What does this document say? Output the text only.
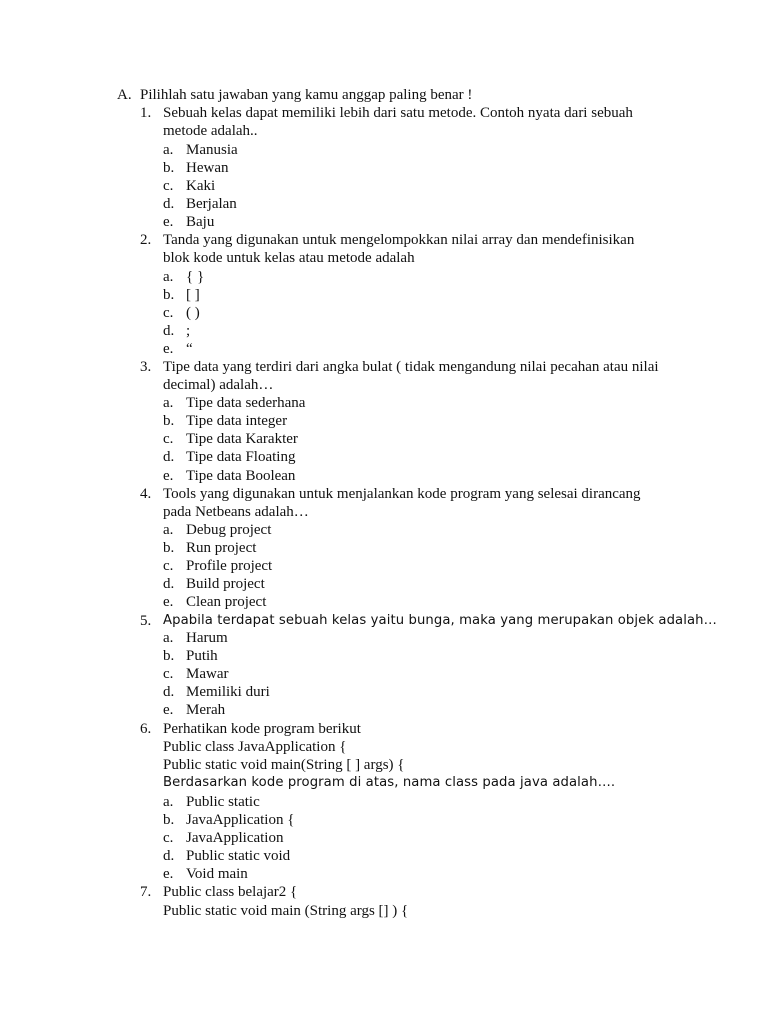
A. Pilihlah satu jawaban yang kamu anggap paling benar !
1. Sebuah kelas dapat memiliki lebih dari satu metode. Contoh nyata dari sebuah
metode adalah..
a. Manusia
b. Hewan
c. Kaki
d. Berjalan
e. Baju
2. Tanda yang digunakan untuk mengelompokkan nilai array dan mendefinisikan
blok kode untuk kelas atau metode adalah
a. { }
b. [ ]
c. ( )
d. ;
e. “
3. Tipe data yang terdiri dari angka bulat ( tidak mengandung nilai pecahan atau nilai
decimal) adalah…
a. Tipe data sederhana
b. Tipe data integer
c. Tipe data Karakter
d. Tipe data Floating
e. Tipe data Boolean
4. Tools yang digunakan untuk menjalankan kode program yang selesai dirancang
pada Netbeans adalah…
a. Debug project
b. Run project
c. Profile project
d. Build project
e. Clean project
5. Apabila terdapat sebuah kelas yaitu bunga, maka yang merupakan objek adalah…
a. Harum
b. Putih
c. Mawar
d. Memiliki duri
e. Merah
6. Perhatikan kode program berikut
Public class JavaApplication {
Public static void main(String [ ] args) {
Berdasarkan kode program di atas, nama class pada java adalah….
a. Public static
b. JavaApplication {
c. JavaApplication
d. Public static void
e. Void main
7. Public class belajar2 {
Public static void main (String args [] ) {
